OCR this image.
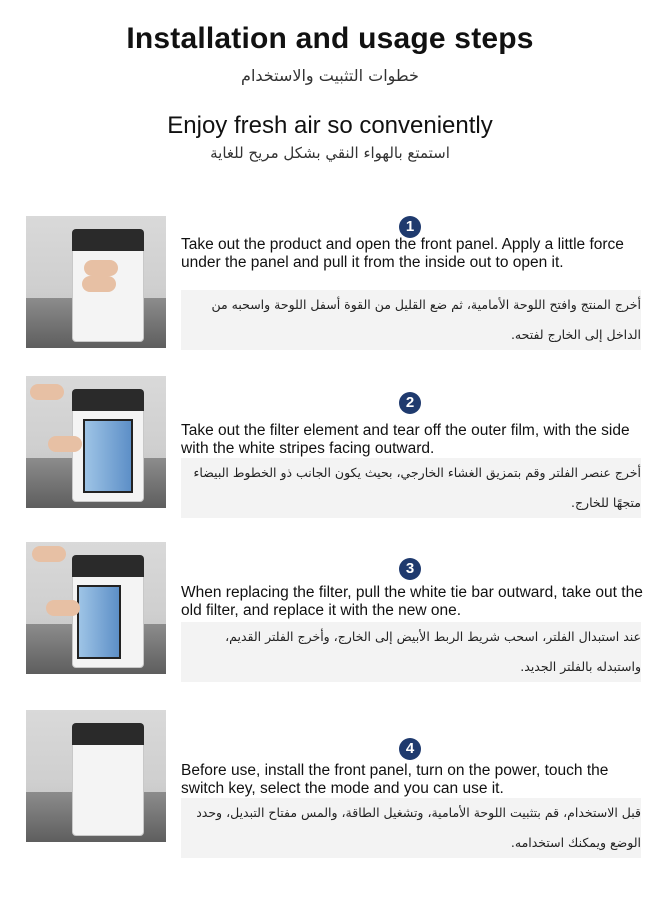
Installation and usage steps
خطوات التثبيت والاستخدام
Enjoy fresh air so conveniently
استمتع بالهواء النقي بشكل مريح للغاية
1
Take out the product and open the front panel. Apply a little force under the panel and pull it from the inside out to open it.
أخرج المنتج وافتح اللوحة الأمامية، ثم ضع القليل من القوة أسفل اللوحة واسحبه من الداخل إلى الخارج لفتحه.
2
Take out the filter element and tear off the outer film, with the side with the white stripes facing outward.
أخرج عنصر الفلتر وقم بتمزيق الغشاء الخارجي، بحيث يكون الجانب ذو الخطوط البيضاء متجهًا للخارج.
3
When replacing the filter, pull the white tie bar outward, take out the old filter, and replace it with the new one.
عند استبدال الفلتر، اسحب شريط الربط الأبيض إلى الخارج، وأخرج الفلتر القديم، واستبدله بالفلتر الجديد.
4
Before use, install the front panel, turn on the power, touch the switch key, select the mode and you can use it.
قبل الاستخدام، قم بتثبيت اللوحة الأمامية، وتشغيل الطاقة، والمس مفتاح التبديل، وحدد الوضع ويمكنك استخدامه.
